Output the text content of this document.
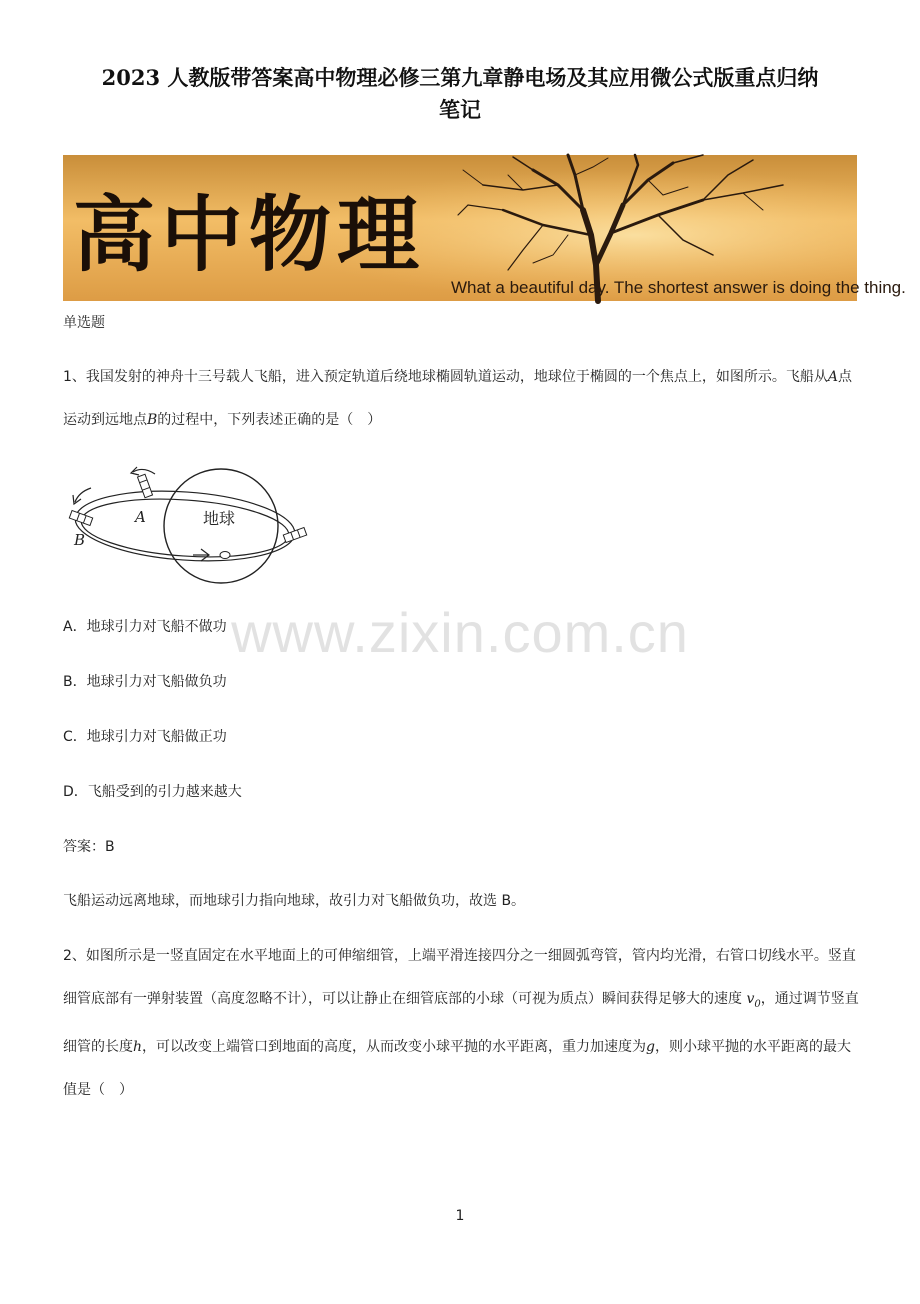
2023 人教版带答案高中物理必修三第九章静电场及其应用微公式版重点归纳
笔记
高中物理
What a beautiful day. The shortest answer is doing the thing.
单选题
1、我国发射的神舟十三号载人飞船，进入预定轨道后绕地球椭圆轨道运动，地球位于椭圆的一个焦点上，如图所示。飞船从A点运动到远地点B的过程中，下列表述正确的是（　）
地球
A
B
A．地球引力对飞船不做功
B．地球引力对飞船做负功
C．地球引力对飞船做正功
D．飞船受到的引力越来越大
答案：B
飞船运动远离地球，而地球引力指向地球，故引力对飞船做负功，故选 B。
2、如图所示是一竖直固定在水平地面上的可伸缩细管，上端平滑连接四分之一细圆弧弯管，管内均光滑，右管口切线水平。竖直细管底部有一弹射装置（高度忽略不计），可以让静止在细管底部的小球（可视为质点）瞬间获得足够大的速度 $v_0$，通过调节竖直细管的长度h，可以改变上端管口到地面的高度，从而改变小球平抛的水平距离，重力加速度为g，则小球平抛的水平距离的最大值是（　）
www.zixin.com.cn
1
